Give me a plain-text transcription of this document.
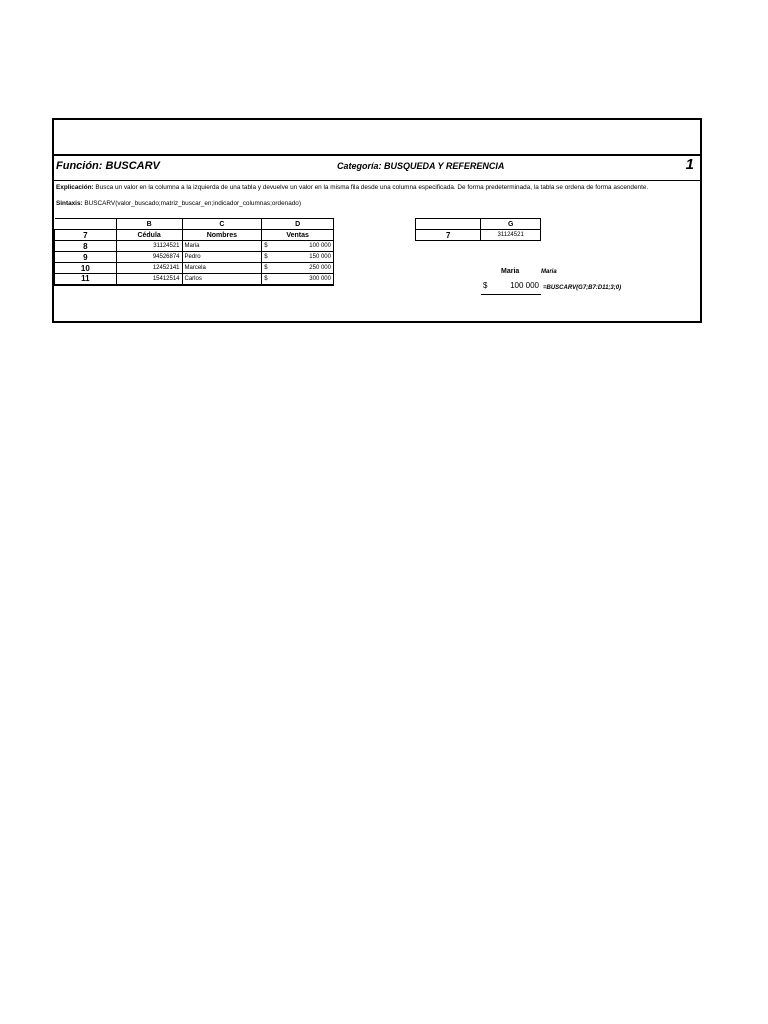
Función: BUSCARV	Categoría: BUSQUEDA Y REFERENCIA	1
Explicación: Busca un valor en la columna a la izquierda de una tabla y devuelve un valor en la misma fila desde una columna especificada. De forma predeterminada, la tabla se ordena de forma ascendente.
Sintaxis: BUSCARV(valor_buscado;matriz_buscar_en;indicador_columnas;ordenado)
	B	C	D
7	Cédula	Nombres	Ventas
8	31124521	Maria	$ 100 000

9	94526874	Pedro	$ 150 000

10	12452141	Marcela	$ 250 000

11	15412514	Carlos	$ 300 000
	G
7	31124521
Maria	Maria
$	100 000 =BUSCARV(G7;B7:D11;3;0)
